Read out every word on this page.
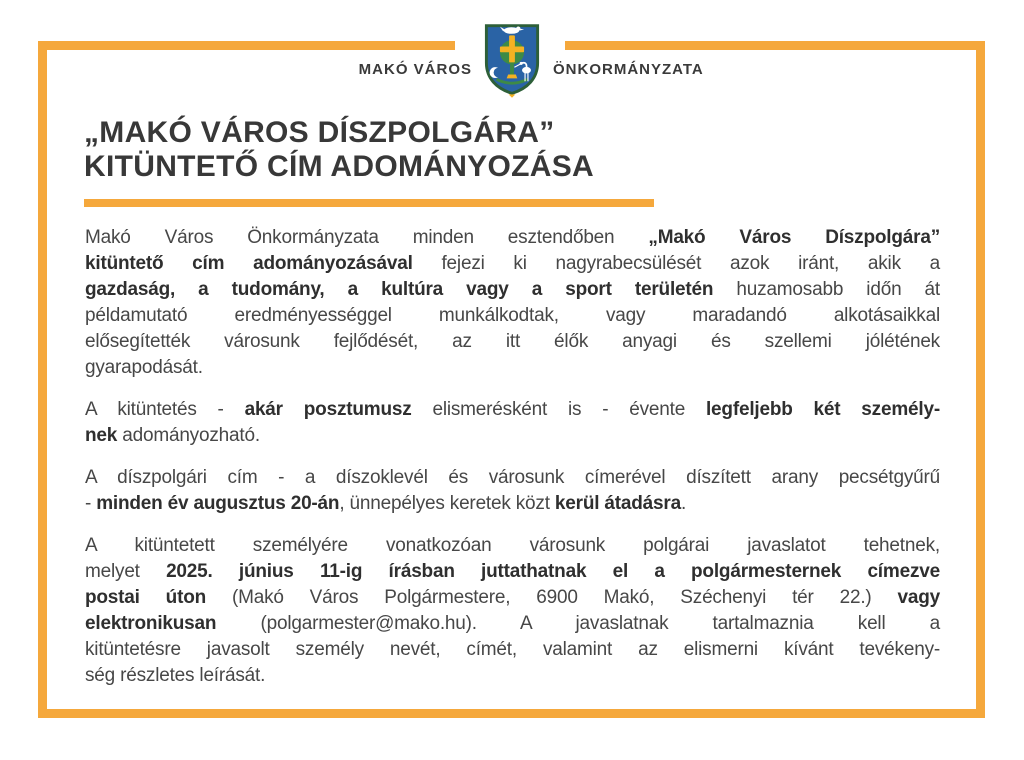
MAKÓ VÁROS	ÖNKORMÁNYZATA
„MAKÓ VÁROS DÍSZPOLGÁRA”
KITÜNTETŐ CÍM ADOMÁNYOZÁSA
Makó Város Önkormányzata minden esztendőben „Makó Város Díszpolgára”
kitüntető cím adományozásával fejezi ki nagyrabecsülését azok iránt, akik a
gazdaság, a tudomány, a kultúra vagy a sport területén huzamosabb időn át
példamutató eredményességgel munkálkodtak, vagy maradandó alkotásaikkal
elősegítették városunk fejlődését, az itt élők anyagi és szellemi jólétének
gyarapodását.
A kitüntetés - akár posztumusz elismerésként is - évente legfeljebb két személy-
nek adományozható.
A díszpolgári cím - a díszoklevél és városunk címerével díszített arany pecsétgyűrű
- minden év augusztus 20-án, ünnepélyes keretek közt kerül átadásra.
A kitüntetett személyére vonatkozóan városunk polgárai javaslatot tehetnek,
melyet 2025. június 11-ig írásban juttathatnak el a polgármesternek címezve
postai úton (Makó Város Polgármestere, 6900 Makó, Széchenyi tér 22.) vagy
elektronikusan (polgarmester@mako.hu). A javaslatnak tartalmaznia kell a
kitüntetésre javasolt személy nevét, címét, valamint az elismerni kívánt tevékeny-
ség részletes leírását.
